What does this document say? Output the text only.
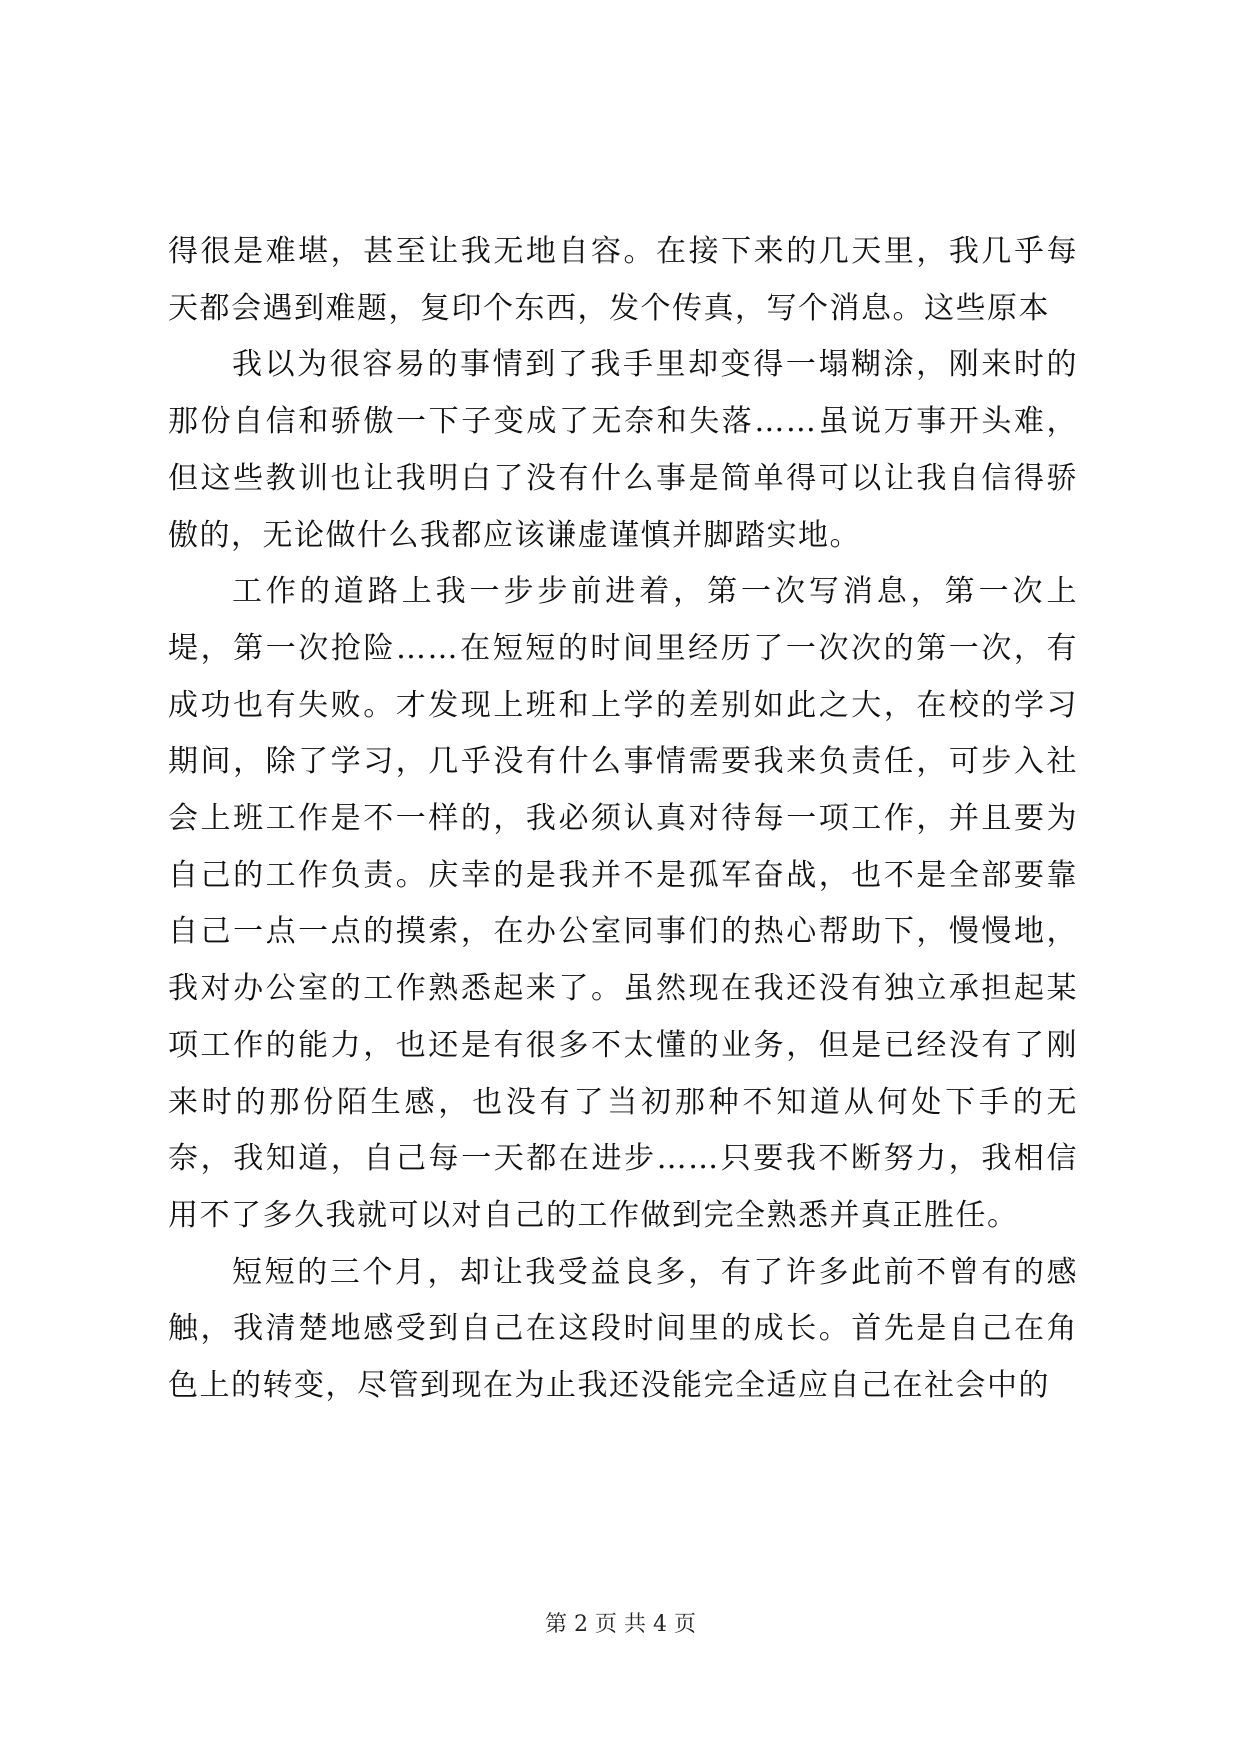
得很是难堪，甚至让我无地自容。在接下来的几天里，我几乎每天都会遇到难题，复印个东西，发个传真，写个消息。这些原本

我以为很容易的事情到了我手里却变得一塌糊涂，刚来时的那份自信和骄傲一下子变成了无奈和失落……虽说万事开头难，但这些教训也让我明白了没有什么事是简单得可以让我自信得骄傲的，无论做什么我都应该谦虚谨慎并脚踏实地。

工作的道路上我一步步前进着，第一次写消息，第一次上堤，第一次抢险……在短短的时间里经历了一次次的第一次，有成功也有失败。才发现上班和上学的差别如此之大，在校的学习期间，除了学习，几乎没有什么事情需要我来负责任，可步入社会上班工作是不一样的，我必须认真对待每一项工作，并且要为自己的工作负责。庆幸的是我并不是孤军奋战，也不是全部要靠自己一点一点的摸索，在办公室同事们的热心帮助下，慢慢地，我对办公室的工作熟悉起来了。虽然现在我还没有独立承担起某项工作的能力，也还是有很多不太懂的业务，但是已经没有了刚来时的那份陌生感，也没有了当初那种不知道从何处下手的无奈，我知道，自己每一天都在进步……只要我不断努力，我相信用不了多久我就可以对自己的工作做到完全熟悉并真正胜任。

短短的三个月，却让我受益良多，有了许多此前不曾有的感触，我清楚地感受到自己在这段时间里的成长。首先是自己在角色上的转变，尽管到现在为止我还没能完全适应自己在社会中的

第 2 页 共 4 页
